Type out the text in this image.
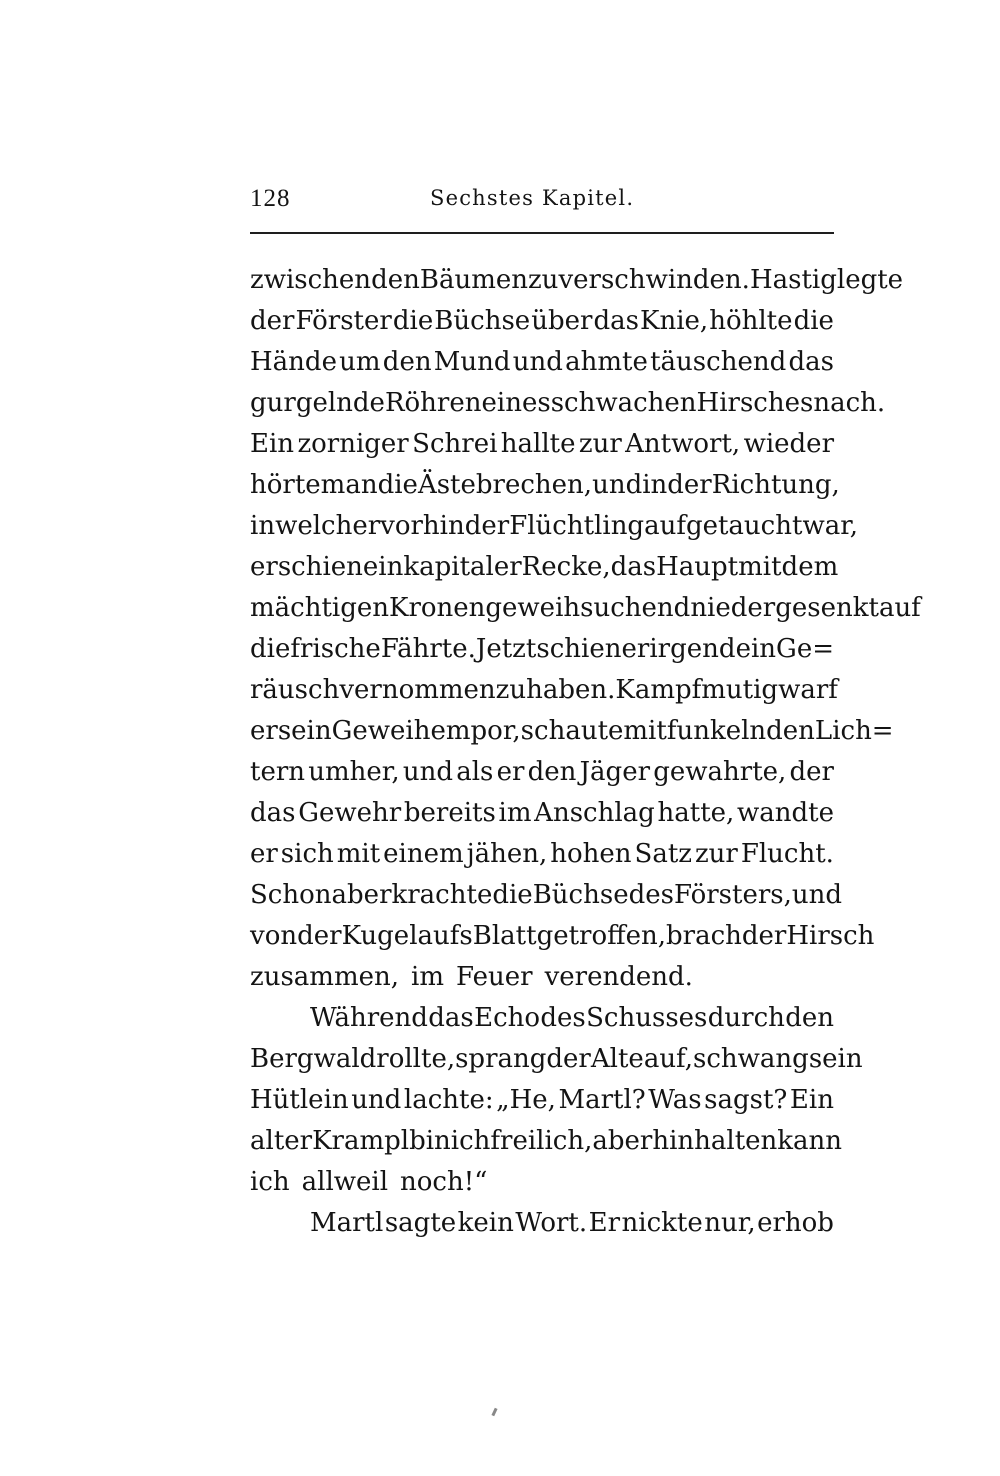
128	Sechstes Kapitel.
zwischen den Bäumen zu verschwinden. Hastig legte
der Förster die Büchse über das Knie, höhlte die
Hände um den Mund und ahmte täuschend das
gurgelnde Röhren eines schwachen Hirsches nach.
Ein zorniger Schrei hallte zur Antwort, wieder
hörte man die Äste brechen, und in der Richtung,
in welcher vorhin der Flüchtling aufgetaucht war,
erschien ein kapitaler Recke, das Haupt mit dem
mächtigen Kronengeweih suchend niedergesenkt auf
die frische Fährte. Jetzt schien er irgend ein Ge=
räusch vernommen zu haben. Kampfmutig warf
er sein Geweih empor, schaute mit funkelnden Lich=
tern umher, und als er den Jäger gewahrte, der
das Gewehr bereits im Anschlag hatte, wandte
er sich mit einem jähen, hohen Satz zur Flucht.
Schon aber krachte die Büchse des Försters, und
von der Kugel aufs Blatt getroffen, brach der Hirsch
zusammen, im Feuer verendend.
Während das Echo des Schusses durch den
Bergwald rollte, sprang der Alte auf, schwang sein
Hütlein und lachte: „He, Martl? Was sagst? Ein
alter Krampl bin ich freilich, aber hinhalten kann
ich allweil noch!“
Martl sagte kein Wort. Er nickte nur, erhob
